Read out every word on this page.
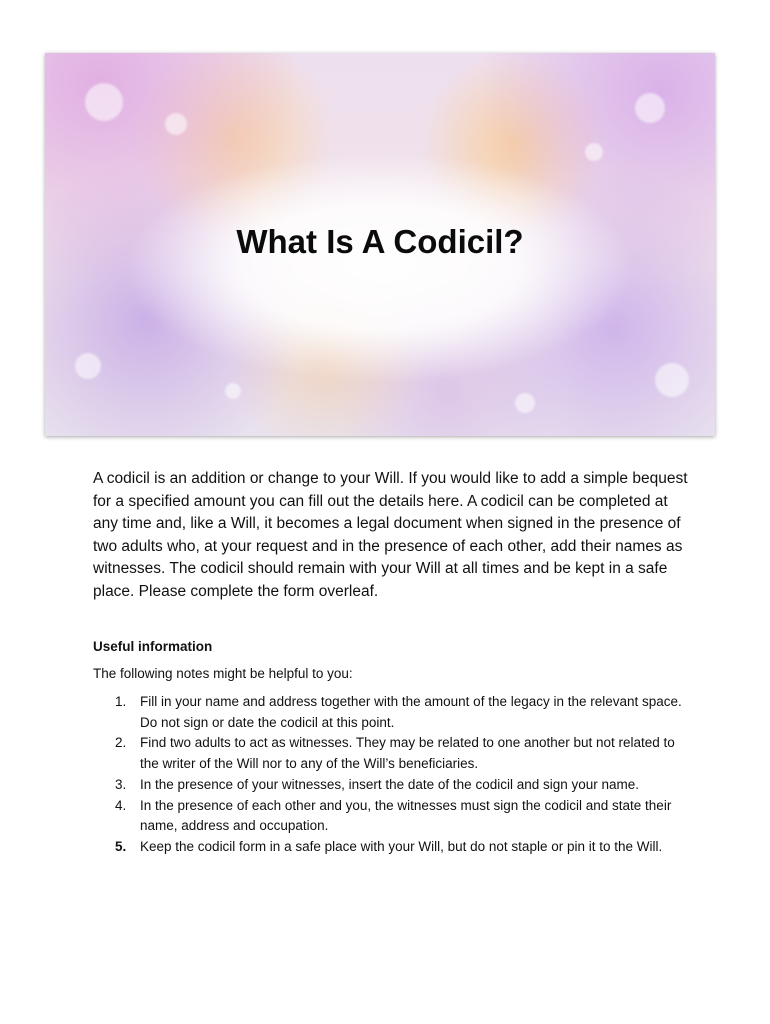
What Is A Codicil?

A codicil is an addition or change to your Will. If you would like to add a simple bequest for a specified amount you can fill out the details here. A codicil can be completed at any time and, like a Will, it becomes a legal document when signed in the presence of two adults who, at your request and in the presence of each other, add their names as witnesses. The codicil should remain with your Will at all times and be kept in a safe place. Please complete the form overleaf.

Useful information

The following notes might be helpful to you:

1. Fill in your name and address together with the amount of the legacy in the relevant space. Do not sign or date the codicil at this point.
2. Find two adults to act as witnesses. They may be related to one another but not related to the writer of the Will nor to any of the Will’s beneficiaries.
3. In the presence of your witnesses, insert the date of the codicil and sign your name.
4. In the presence of each other and you, the witnesses must sign the codicil and state their name, address and occupation.
5. Keep the codicil form in a safe place with your Will, but do not staple or pin it to the Will.
